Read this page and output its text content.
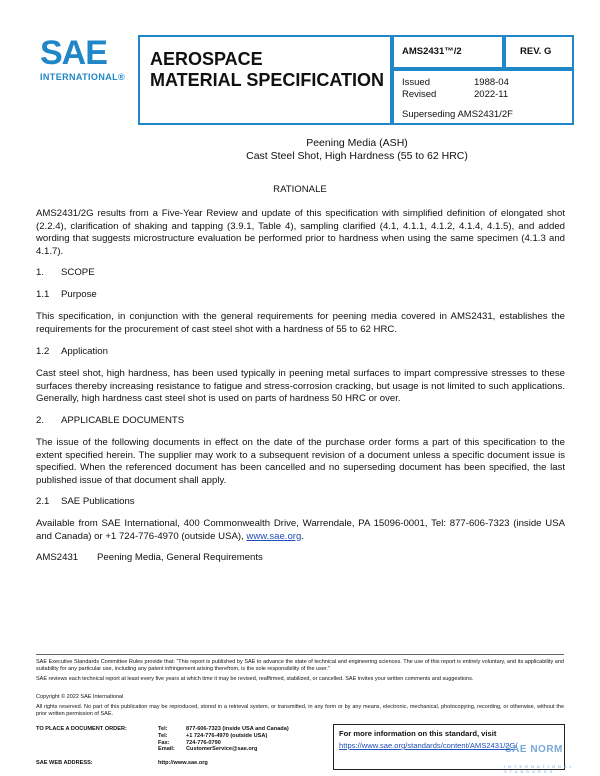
SAE
INTERNATIONAL®
AEROSPACE
MATERIAL SPECIFICATION
AMS2431™/2	REV. G
Issued	1988-04
Revised	2022-11
Superseding AMS2431/2F
Peening Media (ASH)
Cast Steel Shot, High Hardness (55 to 62 HRC)
RATIONALE
AMS2431/2G results from a Five-Year Review and update of this specification with simplified definition of elongated shot (2.2.4), clarification of shaking and tapping (3.9.1, Table 4), sampling clarified (4.1, 4.1.1, 4.1.2, 4.1.4, 4.1.5), and added wording that suggests microstructure evaluation be performed prior to hardness when using the same specimen (4.1.3 and 4.1.7).
1. SCOPE
1.1 Purpose
This specification, in conjunction with the general requirements for peening media covered in AMS2431, establishes the requirements for the procurement of cast steel shot with a hardness of 55 to 62 HRC.
1.2 Application
Cast steel shot, high hardness, has been used typically in peening metal surfaces to impart compressive stresses to these surfaces thereby increasing resistance to fatigue and stress-corrosion cracking, but usage is not limited to such applications. Generally, high hardness cast steel shot is used on parts of hardness 50 HRC or over.
2. APPLICABLE DOCUMENTS
The issue of the following documents in effect on the date of the purchase order forms a part of this specification to the extent specified herein. The supplier may work to a subsequent revision of a document unless a specific document issue is specified. When the referenced document has been cancelled and no superseding document has been specified, the last published issue of that document shall apply.
2.1 SAE Publications
Available from SAE International, 400 Commonwealth Drive, Warrendale, PA 15096-0001, Tel: 877-606-7323 (inside USA and Canada) or +1 724-776-4970 (outside USA), www.sae.org.
AMS2431 Peening Media, General Requirements
SAE Executive Standards Committee Rules provide that: “This report is published by SAE to advance the state of technical and engineering sciences. The use of this report is entirely voluntary, and its applicability and suitability for any particular use, including any patent infringement arising therefrom, is the sole responsibility of the user.”
SAE reviews each technical report at least every five years at which time it may be revised, reaffirmed, stabilized, or cancelled. SAE invites your written comments and suggestions.
Copyright © 2022 SAE International
All rights reserved. No part of this publication may be reproduced, stored in a retrieval system, or transmitted, in any form or by any means, electronic, mechanical, photocopying, recording, or otherwise, without the prior written permission of SAE.
TO PLACE A DOCUMENT ORDER:	Tel:	877-606-7323 (inside USA and Canada)
Tel:	+1 724-776-4970 (outside USA)
Fax:	724-776-0790
Email: CustomerService@sae.org
SAE WEB ADDRESS:	http://www.sae.org
For more information on this standard, visit
https://www.sae.org/standards/content/AMS2431/2G/
SAE NORM
INTERNATIONAL STANDARDS
